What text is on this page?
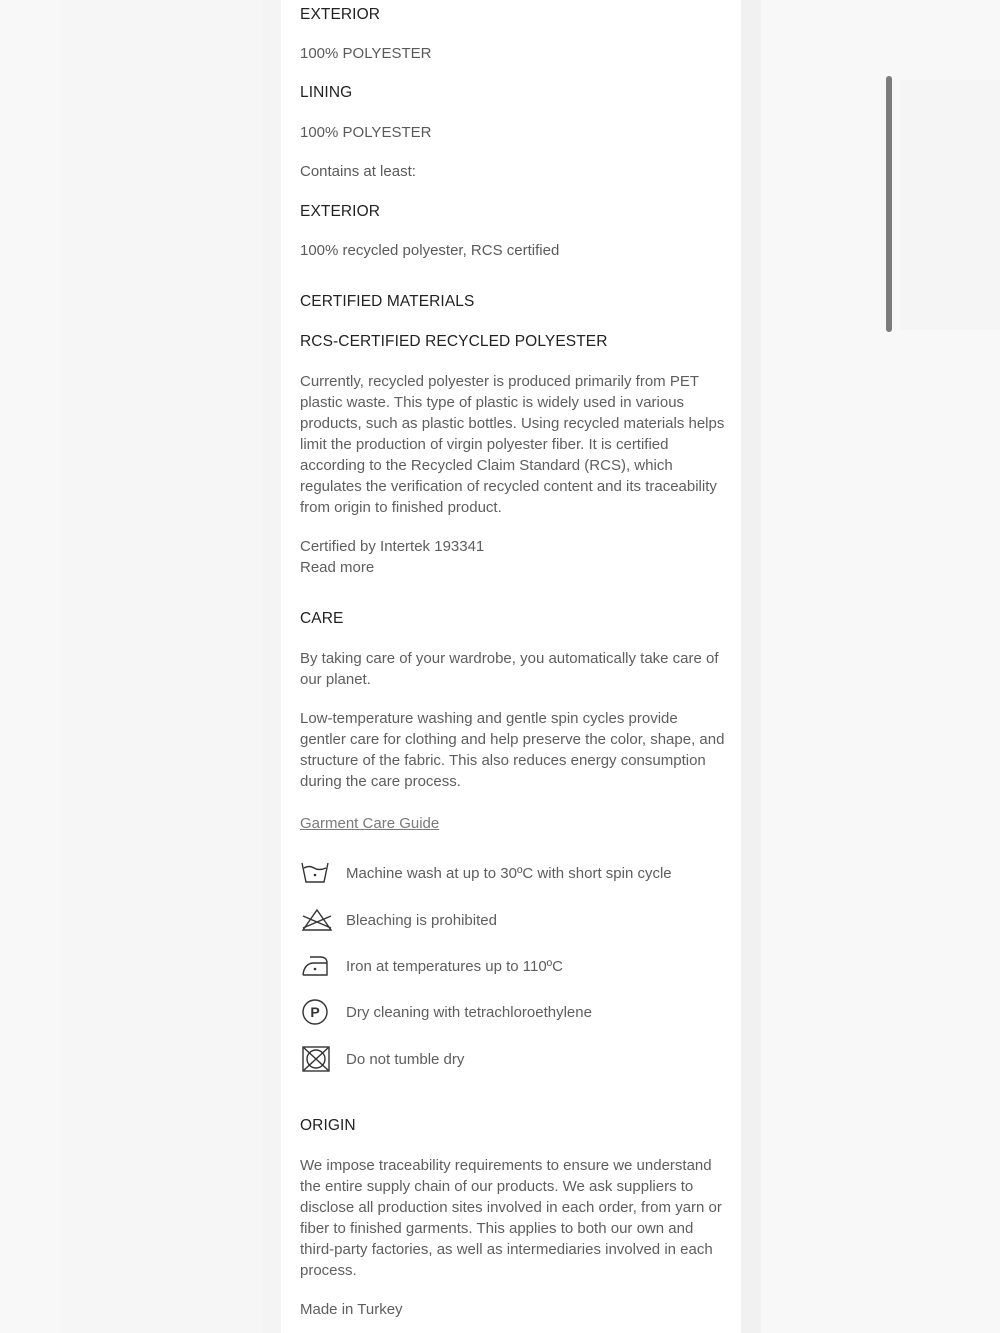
EXTERIOR

100% POLYESTER

LINING

100% POLYESTER

Contains at least:

EXTERIOR

100% recycled polyester, RCS certified

CERTIFIED MATERIALS

RCS-CERTIFIED RECYCLED POLYESTER

Currently, recycled polyester is produced primarily from PET plastic waste. This type of plastic is widely used in various products, such as plastic bottles. Using recycled materials helps limit the production of virgin polyester fiber. It is certified according to the Recycled Claim Standard (RCS), which regulates the verification of recycled content and its traceability from origin to finished product.

Certified by Intertek 193341

Read more

CARE

By taking care of your wardrobe, you automatically take care of our planet.

Low-temperature washing and gentle spin cycles provide gentler care for clothing and help preserve the color, shape, and structure of the fabric. This also reduces energy consumption during the care process.

Garment Care Guide

Machine wash at up to 30ºC with short spin cycle
Bleaching is prohibited
Iron at temperatures up to 110ºC
P Dry cleaning with tetrachloroethylene
Do not tumble dry

ORIGIN

We impose traceability requirements to ensure we understand the entire supply chain of our products. We ask suppliers to disclose all production sites involved in each order, from yarn or fiber to finished garments. This applies to both our own and third-party factories, as well as intermediaries involved in each process.

Made in Turkey
